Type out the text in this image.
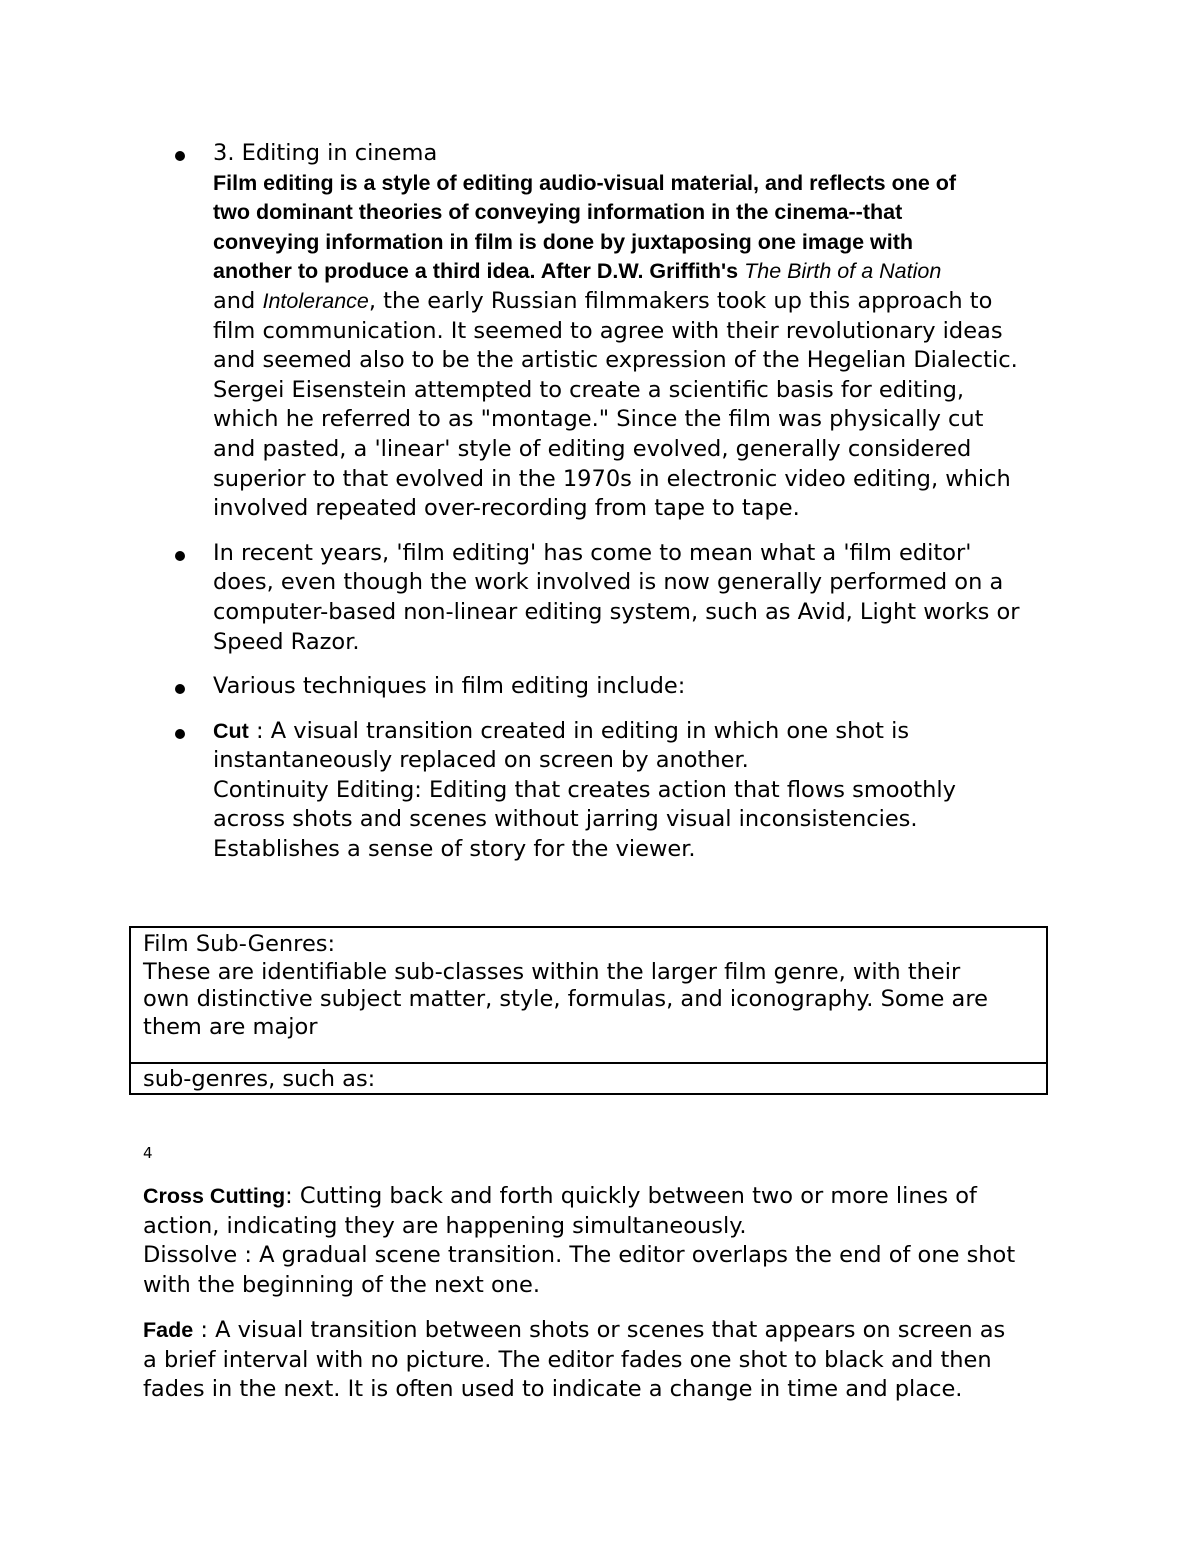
3. Editing in cinema
Film editing is a style of editing audio-visual material, and reflects one of
two dominant theories of conveying information in the cinema--that
conveying information in film is done by juxtaposing one image with
another to produce a third idea. After D.W. Griffith's The Birth of a Nation
and Intolerance, the early Russian filmmakers took up this approach to
film communication. It seemed to agree with their revolutionary ideas
and seemed also to be the artistic expression of the Hegelian Dialectic.
Sergei Eisenstein attempted to create a scientific basis for editing,
which he referred to as "montage." Since the film was physically cut
and pasted, a 'linear' style of editing evolved, generally considered
superior to that evolved in the 1970s in electronic video editing, which
involved repeated over-recording from tape to tape.
In recent years, 'film editing' has come to mean what a 'film editor'
does, even though the work involved is now generally performed on a
computer-based non-linear editing system, such as Avid, Light works or
Speed Razor.
Various techniques in film editing include:
Cut : A visual transition created in editing in which one shot is
instantaneously replaced on screen by another.
Continuity Editing: Editing that creates action that flows smoothly
across shots and scenes without jarring visual inconsistencies.
Establishes a sense of story for the viewer.
Film Sub-Genres:
These are identifiable sub-classes within the larger film genre, with their
own distinctive subject matter, style, formulas, and iconography. Some are
them are major
sub-genres, such as:
4
Cross Cutting: Cutting back and forth quickly between two or more lines of
action, indicating they are happening simultaneously.
Dissolve : A gradual scene transition. The editor overlaps the end of one shot
with the beginning of the next one.
Fade : A visual transition between shots or scenes that appears on screen as
a brief interval with no picture. The editor fades one shot to black and then
fades in the next. It is often used to indicate a change in time and place.
